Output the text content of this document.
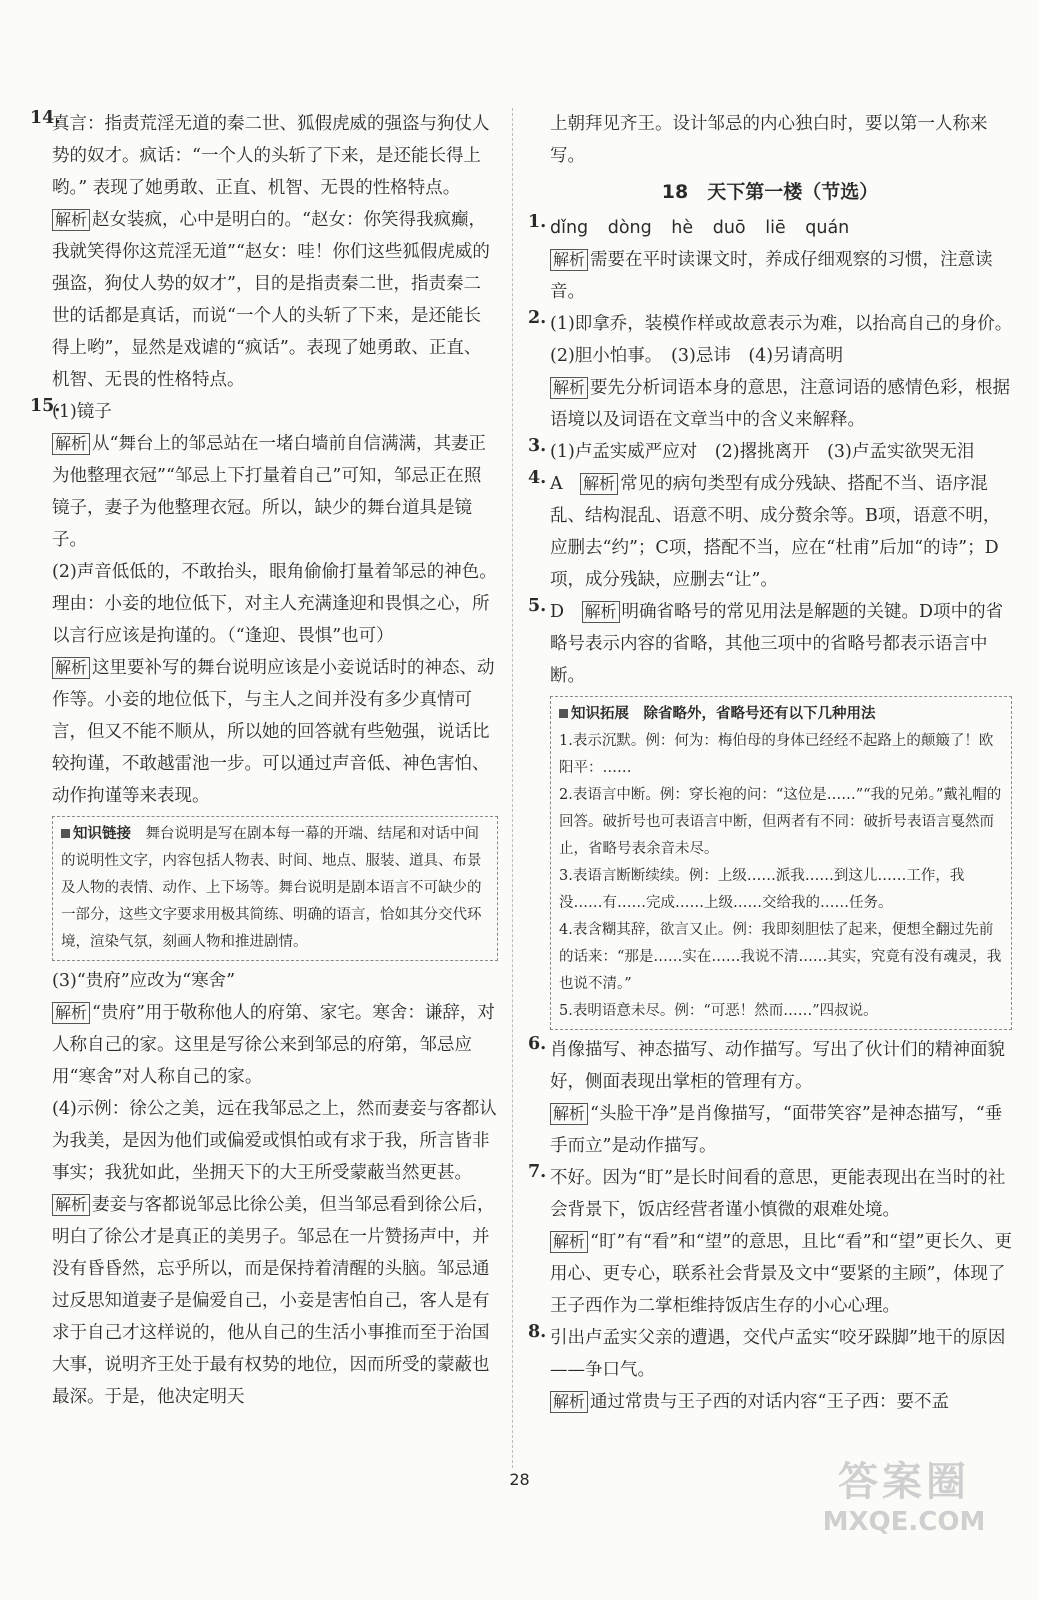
14.

真言：指责荒淫无道的秦二世、狐假虎威的强盗与狗仗人势的奴才。疯话：“一个人的头斩了下来，是还能长得上哟。” 表现了她勇敢、正直、机智、无畏的性格特点。

解析 赵女装疯，心中是明白的。“赵女：你笑得我疯癫，我就笑得你这荒淫无道”“赵女：哇！你们这些狐假虎威的强盗，狗仗人势的奴才”，目的是指责秦二世，指责秦二世的话都是真话，而说“一个人的头斩了下来，是还能长得上哟”，显然是戏谑的“疯话”。表现了她勇敢、正直、机智、无畏的性格特点。

15.

(1)镜子

解析 从“舞台上的邹忌站在一堵白墙前自信满满，其妻正为他整理衣冠”“邹忌上下打量着自己”可知，邹忌正在照镜子，妻子为他整理衣冠。所以，缺少的舞台道具是镜子。

(2)声音低低的，不敢抬头，眼角偷偷打量着邹忌的神色。　理由：小妾的地位低下，对主人充满逢迎和畏惧之心，所以言行应该是拘谨的。（“逢迎、畏惧”也可）

解析 这里要补写的舞台说明应该是小妾说话时的神态、动作等。小妾的地位低下，与主人之间并没有多少真情可言，但又不能不顺从，所以她的回答就有些勉强，说话比较拘谨，不敢越雷池一步。可以通过声音低、神色害怕、动作拘谨等来表现。

知识链接　 舞台说明是写在剧本每一幕的开端、结尾和对话中间的说明性文字，内容包括人物表、时间、地点、服装、道具、布景及人物的表情、动作、上下场等。舞台说明是剧本语言不可缺少的一部分，这些文字要求用极其简练、明确的语言，恰如其分交代环境，渲染气氛，刻画人物和推进剧情。

(3)“贵府”应改为“寒舍”

解析 “贵府”用于敬称他人的府第、家宅。寒舍：谦辞，对人称自己的家。这里是写徐公来到邹忌的府第，邹忌应用“寒舍”对人称自己的家。

(4)示例：徐公之美，远在我邹忌之上，然而妻妾与客都认为我美，是因为他们或偏爱或惧怕或有求于我，所言皆非事实；我犹如此，坐拥天下的大王所受蒙蔽当然更甚。

解析 妻妾与客都说邹忌比徐公美，但当邹忌看到徐公后，明白了徐公才是真正的美男子。邹忌在一片赞扬声中，并没有昏昏然，忘乎所以，而是保持着清醒的头脑。邹忌通过反思知道妻子是偏爱自己，小妾是害怕自己，客人是有求于自己才这样说的，他从自己的生活小事推而至于治国大事，说明齐王处于最有权势的地位，因而所受的蒙蔽也最深。于是，他决定明天

上朝拜见齐王。设计邹忌的内心独白时，要以第一人称来写。

18　天下第一楼（节选）
1. dǐng dòng hè duō liē quán

解析 需要在平时读课文时，养成仔细观察的习惯，注意读音。

2. (1)即拿乔，装模作样或故意表示为难，以抬高自己的身价。　(2)胆小怕事。　(3)忌讳　(4)另请高明

解析 要先分析词语本身的意思，注意词语的感情色彩，根据语境以及词语在文章当中的含义来解释。

3. (1)卢孟实威严应对　(2)撂挑离开　(3)卢孟实欲哭无泪

4. A　 解析 常见的病句类型有成分残缺、搭配不当、语序混乱、结构混乱、语意不明、成分赘余等。B项，语意不明，应删去“约”；C项，搭配不当，应在“杜甫”后加“的诗”；D项，成分残缺，应删去“让”。

5. D　 解析 明确省略号的常见用法是解题的关键。D项中的省略号表示内容的省略，其他三项中的省略号都表示语言中断。

知识拓展　除省略外，省略号还有以下几种用法

1.表示沉默。例：何为：梅伯母的身体已经经不起路上的颠簸了！欧阳平：……

2.表语言中断。例：穿长袍的问：“这位是……”“我的兄弟。”戴礼帽的回答。破折号也可表语言中断，但两者有不同：破折号表语言戛然而止，省略号表余音未尽。

3.表语言断断续续。例：上级……派我……到这儿……工作，我没……有……完成……上级……交给我的……任务。

4.表含糊其辞，欲言又止。例：我即刻胆怯了起来，便想全翻过先前的话来：“那是……实在……我说不清……其实，究竟有没有魂灵，我也说不清。”

5.表明语意未尽。例：“可恶！然而……”四叔说。

6. 肖像描写、神态描写、动作描写。写出了伙计们的精神面貌好，侧面表现出掌柜的管理有方。

解析 “头脸干净”是肖像描写，“面带笑容”是神态描写，“垂手而立”是动作描写。

7. 不好。因为“盯”是长时间看的意思，更能表现出在当时的社会背景下，饭店经营者谨小慎微的艰难处境。

解析 “盯”有“看”和“望”的意思，且比“看”和“望”更长久、更用心、更专心，联系社会背景及文中“要紧的主顾”，体现了王子西作为二掌柜维持饭店生存的小心心理。

8. 引出卢孟实父亲的遭遇，交代卢孟实“咬牙跺脚”地干的原因——争口气。

解析 通过常贵与王子西的对话内容“王子西：要不孟

28	答案圈
MXQE.COM
